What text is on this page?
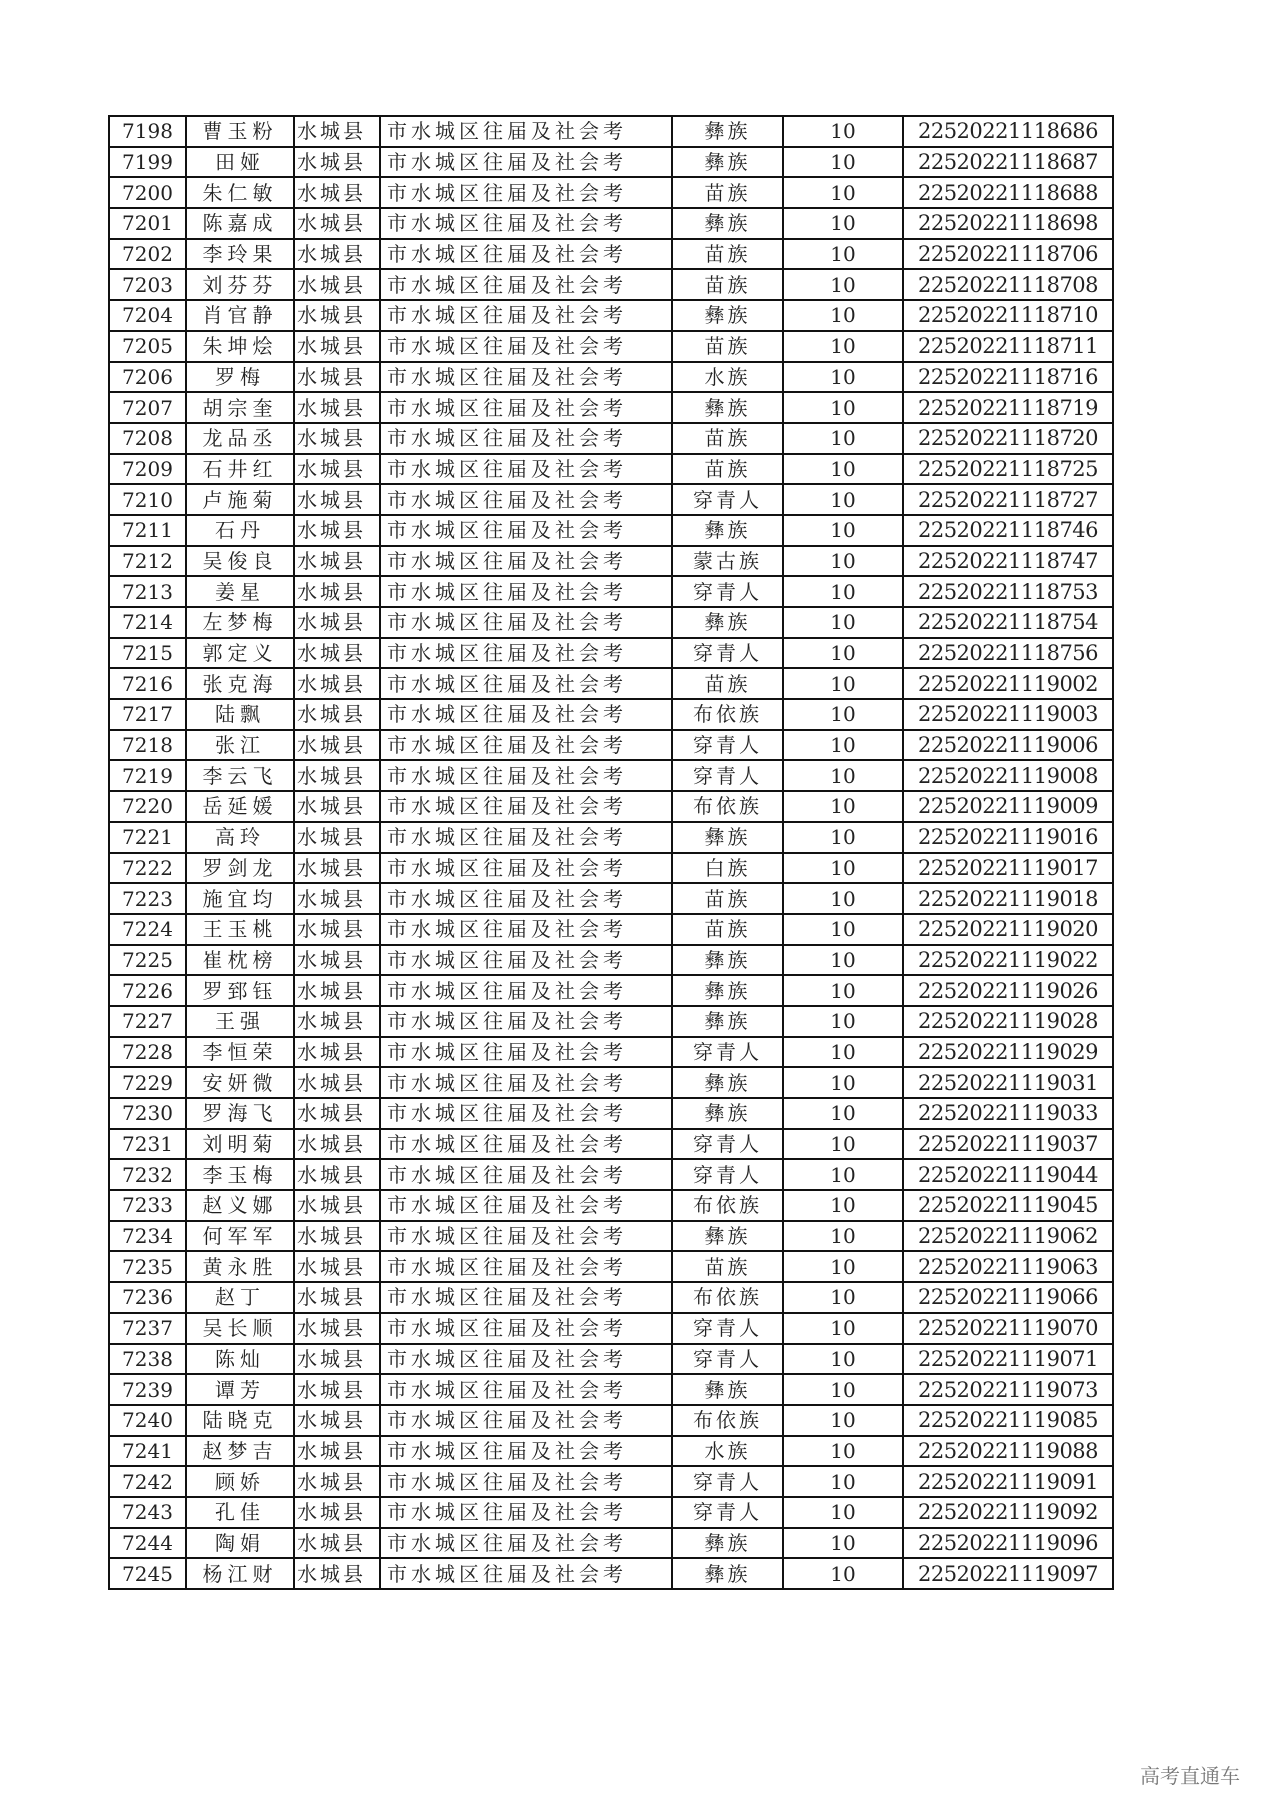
7198	曹玉粉	水城县	市水城区往届及社会考	彝族	10	22520221118686
7199	田娅	水城县	市水城区往届及社会考	彝族	10	22520221118687
7200	朱仁敏	水城县	市水城区往届及社会考	苗族	10	22520221118688
7201	陈嘉成	水城县	市水城区往届及社会考	彝族	10	22520221118698
7202	李玲果	水城县	市水城区往届及社会考	苗族	10	22520221118706
7203	刘芬芬	水城县	市水城区往届及社会考	苗族	10	22520221118708
7204	肖官静	水城县	市水城区往届及社会考	彝族	10	22520221118710
7205	朱坤烩	水城县	市水城区往届及社会考	苗族	10	22520221118711
7206	罗梅	水城县	市水城区往届及社会考	水族	10	22520221118716
7207	胡宗奎	水城县	市水城区往届及社会考	彝族	10	22520221118719
7208	龙品丞	水城县	市水城区往届及社会考	苗族	10	22520221118720
7209	石井红	水城县	市水城区往届及社会考	苗族	10	22520221118725
7210	卢施菊	水城县	市水城区往届及社会考	穿青人	10	22520221118727
7211	石丹	水城县	市水城区往届及社会考	彝族	10	22520221118746
7212	吴俊良	水城县	市水城区往届及社会考	蒙古族	10	22520221118747
7213	姜星	水城县	市水城区往届及社会考	穿青人	10	22520221118753
7214	左梦梅	水城县	市水城区往届及社会考	彝族	10	22520221118754
7215	郭定义	水城县	市水城区往届及社会考	穿青人	10	22520221118756
7216	张克海	水城县	市水城区往届及社会考	苗族	10	22520221119002
7217	陆飘	水城县	市水城区往届及社会考	布依族	10	22520221119003
7218	张江	水城县	市水城区往届及社会考	穿青人	10	22520221119006
7219	李云飞	水城县	市水城区往届及社会考	穿青人	10	22520221119008
7220	岳延媛	水城县	市水城区往届及社会考	布依族	10	22520221119009
7221	高玲	水城县	市水城区往届及社会考	彝族	10	22520221119016
7222	罗剑龙	水城县	市水城区往届及社会考	白族	10	22520221119017
7223	施宜均	水城县	市水城区往届及社会考	苗族	10	22520221119018
7224	王玉桃	水城县	市水城区往届及社会考	苗族	10	22520221119020
7225	崔枕榜	水城县	市水城区往届及社会考	彝族	10	22520221119022
7226	罗郅钰	水城县	市水城区往届及社会考	彝族	10	22520221119026
7227	王强	水城县	市水城区往届及社会考	彝族	10	22520221119028
7228	李恒荣	水城县	市水城区往届及社会考	穿青人	10	22520221119029
7229	安妍微	水城县	市水城区往届及社会考	彝族	10	22520221119031
7230	罗海飞	水城县	市水城区往届及社会考	彝族	10	22520221119033
7231	刘明菊	水城县	市水城区往届及社会考	穿青人	10	22520221119037
7232	李玉梅	水城县	市水城区往届及社会考	穿青人	10	22520221119044
7233	赵义娜	水城县	市水城区往届及社会考	布依族	10	22520221119045
7234	何军军	水城县	市水城区往届及社会考	彝族	10	22520221119062
7235	黄永胜	水城县	市水城区往届及社会考	苗族	10	22520221119063
7236	赵丁	水城县	市水城区往届及社会考	布依族	10	22520221119066
7237	吴长顺	水城县	市水城区往届及社会考	穿青人	10	22520221119070
7238	陈灿	水城县	市水城区往届及社会考	穿青人	10	22520221119071
7239	谭芳	水城县	市水城区往届及社会考	彝族	10	22520221119073
7240	陆晓克	水城县	市水城区往届及社会考	布依族	10	22520221119085
7241	赵梦吉	水城县	市水城区往届及社会考	水族	10	22520221119088
7242	顾娇	水城县	市水城区往届及社会考	穿青人	10	22520221119091
7243	孔佳	水城县	市水城区往届及社会考	穿青人	10	22520221119092
7244	陶娟	水城县	市水城区往届及社会考	彝族	10	22520221119096
7245	杨江财	水城县	市水城区往届及社会考	彝族	10	22520221119097
高考直通车
